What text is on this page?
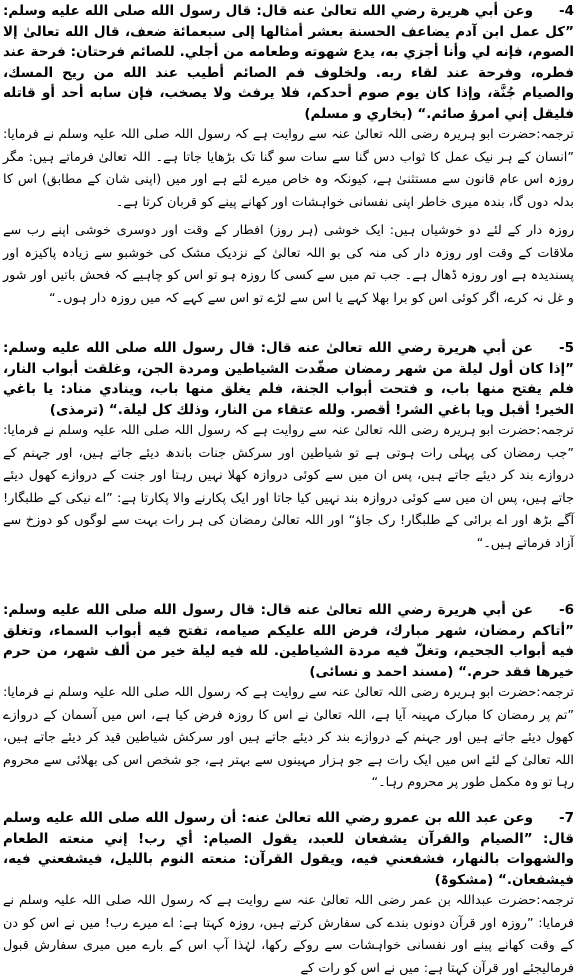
4-وعن أبي هريرة رضي الله تعالىٰ عنه قال: قال رسول الله صلى الله عليه وسلم: ”كل عمل ابن آدم يضاعف الحسنة بعشر أمثالها إلى سبعمائة ضعف، قال الله تعالىٰ إلا الصوم، فإنه لي وأنا أجزي به، يدع شهوته وطعامه من أجلي. للصائم فرحتان: فرحة عند فطره، وفرحة عند لقاء ربه. ولخلوف فم الصائم أطيب عند الله من ريح المسك، والصيام جُنَّة، وإذا كان يوم صوم أحدكم، فلا يرفث ولا يصخب، فإن سابه أحد أو قاتله فليقل إني امرؤ صائم.“ (بخاري و مسلم)

ترجمہ:حضرت ابو ہریرہ رضی اللہ تعالیٰ عنہ سے روایت ہے کہ رسول اللہ صلی اللہ علیہ وسلم نے فرمایا: ”انسان کے ہر نیک عمل کا ثواب دس گنا سے سات سو گنا تک بڑھایا جاتا ہے۔ اللہ تعالیٰ فرماتے ہیں: مگر روزہ اس عام قانون سے مستثنیٰ ہے، کیونکہ وہ خاص میرے لئے ہے اور میں (اپنی شان کے مطابق) اس کا بدلہ دوں گا، بندہ میری خاطر اپنی نفسانی خواہشات اور کھانے پینے کو قربان کرتا ہے۔

روزہ دار کے لئے دو خوشیاں ہیں: ایک خوشی (ہر روز) افطار کے وقت اور دوسری خوشی اپنے رب سے ملاقات کے وقت اور روزہ دار کی منہ کی بو اللہ تعالیٰ کے نزدیک مشک کی خوشبو سے زیادہ پاکیزہ اور پسندیدہ ہے اور روزہ ڈھال ہے۔ جب تم میں سے کسی کا روزہ ہو تو اس کو چاہیے کہ فحش باتیں اور شور و غل نہ کرے، اگر کوئی اس کو برا بھلا کہے یا اس سے لڑے تو اس سے کہے کہ میں روزہ دار ہوں۔“

5-عن أبي هريرة رضي الله تعالىٰ عنه قال: قال رسول الله صلى الله عليه وسلم: ”إذا كان أول ليلة من شهر رمضان صفّدت الشياطين ومردة الجن، وغلقت أبواب النار، فلم يفتح منها باب، و فتحت أبواب الجنة، فلم يغلق منها باب، وينادي مناد: يا باغي الخير! أقبل ويا باغي الشر! أقصر. ولله عتقاء من النار، وذلك كل ليلة.“ (ترمذی)

ترجمہ:حضرت ابو ہریرہ رضی اللہ تعالیٰ عنہ سے روایت ہے کہ رسول اللہ صلی اللہ علیہ وسلم نے فرمایا: ”جب رمضان کی پہلی رات ہوتی ہے تو شیاطین اور سرکش جنات باندھ دیئے جاتے ہیں، اور جہنم کے دروازے بند کر دیئے جاتے ہیں، پس ان میں سے کوئی دروازہ کھلا نہیں رہتا اور جنت کے دروازے کھول دیئے جاتے ہیں، پس ان میں سے کوئی دروازہ بند نہیں کیا جاتا اور ایک پکارنے والا پکارتا ہے: ”اے نیکی کے طلبگار! آگے بڑھ اور اے برائی کے طلبگار! رک جاؤ“ اور اللہ تعالیٰ رمضان کی ہر رات بہت سے لوگوں کو دوزخ سے آزاد فرماتے ہیں۔“

6-عن أبي هريرة رضي الله تعالىٰ عنه قال: قال رسول الله صلى الله عليه وسلم: ”أتاكم رمضان، شهر مبارك، فرض الله عليكم صيامه، تفتح فيه أبواب السماء، وتغلق فيه أبواب الجحيم، وتغلّ فيه مردة الشياطين. لله فيه ليلة خير من ألف شهر، من حرم خيرها فقد حرم.“ (مسند احمد و نسائی)

ترجمہ:حضرت ابو ہریرہ رضی اللہ تعالیٰ عنہ سے روایت ہے کہ رسول اللہ صلی اللہ علیہ وسلم نے فرمایا: ”تم پر رمضان کا مبارک مہینہ آیا ہے، اللہ تعالیٰ نے اس کا روزہ فرض کیا ہے، اس میں آسمان کے دروازے کھول دیئے جاتے ہیں اور جہنم کے دروازے بند کر دیئے جاتے ہیں اور سرکش شیاطین قید کر دیئے جاتے ہیں، اللہ تعالیٰ کے لئے اس میں ایک رات ہے جو ہزار مہینوں سے بہتر ہے، جو شخص اس کی بھلائی سے محروم رہا تو وہ مکمل طور پر محروم رہا۔“

7-وعن عبد الله بن عمرو رضي الله تعالىٰ عنه: أن رسول الله صلى الله عليه وسلم قال: ”الصيام والقرآن يشفعان للعبد، يقول الصيام: أي رب! إني منعته الطعام والشهوات بالنهار، فشفعني فيه، ويقول القرآن: منعته النوم بالليل، فيشفعني فيه، فيشفعان.“ (مشکوۃ)

ترجمہ:حضرت عبداللہ بن عمر رضی اللہ تعالیٰ عنہ سے روایت ہے کہ رسول اللہ صلی اللہ علیہ وسلم نے فرمایا: ”روزہ اور قرآن دونوں بندے کی سفارش کرتے ہیں، روزہ کہتا ہے: اے میرے رب! میں نے اس کو دن کے وقت کھانے پینے اور نفسانی خواہشات سے روکے رکھا، لہٰذا آپ اس کے بارے میں میری سفارش قبول فرمالیجئے اور قرآن کہتا ہے: میں نے اس کو رات کے
